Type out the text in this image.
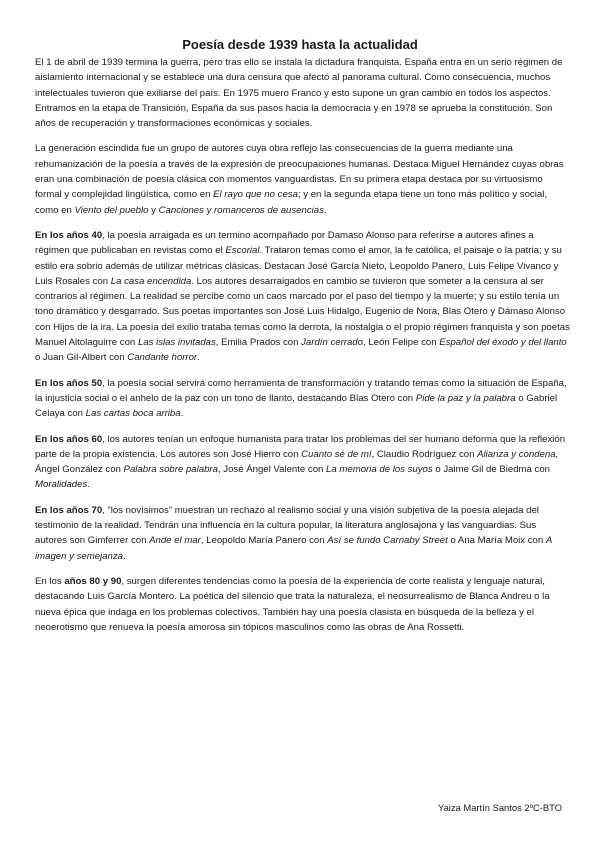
Poesía desde 1939 hasta la actualidad

El 1 de abril de 1939 termina la guerra, pero tras ello se instala la dictadura franquista. España entra en un serio régimen de aislamiento internacional y se establece una dura censura que afectó al panorama cultural. Como consecuencia, muchos intelectuales tuvieron que exiliarse del país. En 1975 muero Franco y esto supone un gran cambio en todos los aspectos. Entramos en la etapa de Transición, España da sus pasos hacia la democracia y en 1978 se aprueba la constitución. Son años de recuperación y transformaciones económicas y sociales.

La generación escindida fue un grupo de autores cuya obra reflejo las consecuencias de la guerra mediante una rehumanización de la poesía a través de la expresión de preocupaciones humanas. Destaca Miguel Hernández cuyas obras eran una combinación de poesía clásica con momentos vanguardistas. En su primera etapa destaca por su virtuosismo formal y complejidad lingüística, como en El rayo que no cesa; y en la segunda etapa tiene un tono más político y social, como en Viento del pueblo y Canciones y romanceros de ausencias.

En los años 40, la poesía arraigada es un termino acompañado por Damaso Alonso para referirse a autores afines a régimen que publicaban en revistas como el Escorial. Trataron temas como el amor, la fe católica, el paisaje o la patria; y su estilo era sobrio además de utilizar métricas clásicas. Destacan José García Nieto, Leopoldo Panero, Luis Felipe Vivanco y Luis Rosales con La casa encendida. Los autores desarraigados en cambio se tuvieron que someter a la censura al ser contrarios al régimen. La realidad se percibe como un caos marcado por el paso del tiempo y la muerte; y su estilo tenía un tono dramático y desgarrado. Sus poetas importantes son José Luis Hidalgo, Eugenio de Nora, Blas Otero y Dámaso Alonso con Hijos de la ira. La poesía del exilio trataba temas como la derrota, la nostalgia o el propio régimen franquista y son poetas Manuel Altolaguirre con Las islas invitadas, Emilia Prados con Jardín cerrado, León Felipe con Español del éxodo y del llanto o Juan Gil-Albert con Candante horror.

En los años 50, la poesía social servirá como herramienta de transformación y tratando temas como la situación de España, la injusticia social o el anhelo de la paz con un tono de llanto, destacando Blas Otero con Pide la paz y la palabra o Gabriel Celaya con Las cartas boca arriba.

En los años 60, los autores tenían un enfoque humanista para tratar los problemas del ser humano deforma que la reflexión parte de la propia existencia. Los autores son José Hierro con Cuanto sé de mí, Claudio Rodríguez con Alianza y condena, Ángel González con Palabra sobre palabra, José Ángel Valente con La memoria de los suyos o Jaime Gil de Biedma con Moralidades.

En los años 70, “los novísimos” muestran un rechazo al realismo social y una visión subjetiva de la poesía alejada del testimonio de la realidad. Tendrán una influencia en la cultura popular, la literatura anglosajona y las vanguardias. Sus autores son Gimferrer con Ande el mar, Leopoldo María Panero con Así se fundo Carnaby Street o Ana María Moix con A imagen y semejanza.

En los años 80 y 90, surgen diferentes tendencias como la poesía de la experiencia de corte realista y lenguaje natural, destacando Luis García Montero. La poética del silencio que trata la naturaleza, el neosurrealismo de Blanca Andreu o la nueva épica que indaga en los problemas colectivos. También hay una poesía clasista en búsqueda de la belleza y el neoerotismo que renueva la poesía amorosa sin tópicos masculinos como las obras de Ana Rossetti.

Yaiza Martín Santos 2ºC-BTO
